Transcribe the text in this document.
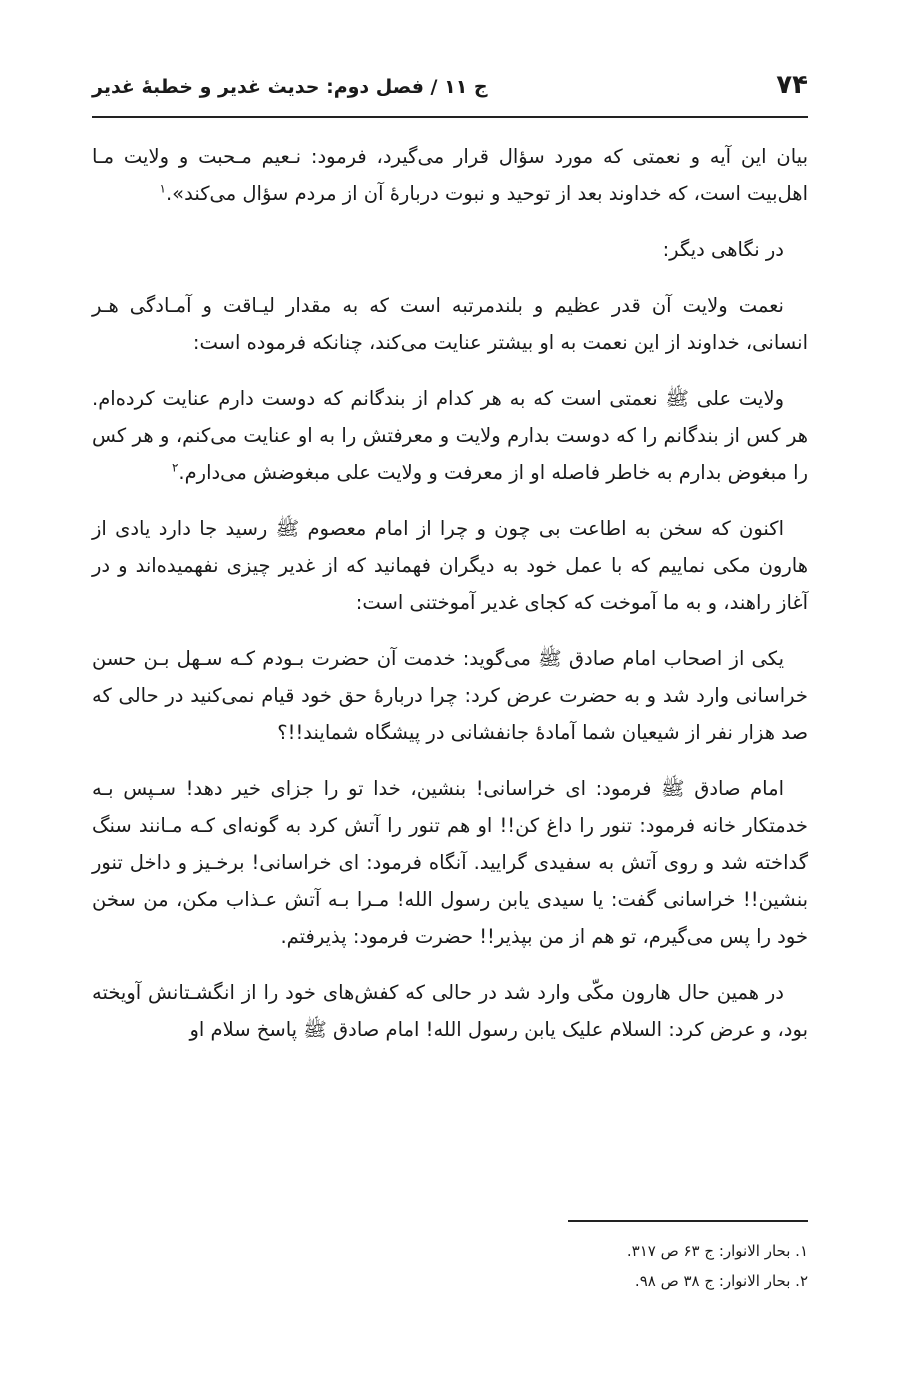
۷۴
ج ۱۱ / فصل دوم: حدیث غدیر و خطبهٔ غدیر

بیان این آیه و نعمتی که مورد سؤال قرار می‌گیرد، فرمود: نـعیم مـحبت و ولایت مـا اهل‌بیت است، که خداوند بعد از توحید و نبوت دربارهٔ آن از مردم سؤال می‌کند».$^۱$

در نگاهی دیگر:

نعمت ولایت آن قدر عظیم و بلندمرتبه است که به مقدار لیـاقت و آمـادگی هـر انسانی، خداوند از این نعمت به او بیشتر عنایت می‌کند، چنانکه فرموده است:

ولایت علی ﷺ نعمتی است که به هر کدام از بندگانم که دوست دارم عنایت کرده‌ام. هر کس از بندگانم را که دوست بدارم ولایت و معرفتش را به او عنایت می‌کنم، و هر کس را مبغوض بدارم به خاطر فاصله او از معرفت و ولایت علی مبغوضش می‌دارم.$^۲$

اکنون که سخن به اطاعت بی چون و چرا از امام معصوم ﷺ رسید جا دارد یادی از هارون مکی نماییم که با عمل خود به دیگران فهمانید که از غدیر چیزی نفهمیده‌اند و در آغاز راهند، و به ما آموخت که کجای غدیر آموختنی است:

یکی از اصحاب امام صادق ﷺ می‌گوید: خدمت آن حضرت بـودم کـه سـهل بـن حسن خراسانی وارد شد و به حضرت عرض کرد: چرا دربارهٔ حق خود قیام نمی‌کنید در حالی که صد هزار نفر از شیعیان شما آمادهٔ جانفشانی در پیشگاه شمایند!!؟

امام صادق ﷺ فرمود: ای خراسانی! بنشین، خدا تو را جزای خیر دهد! سـپس بـه خدمتکار خانه فرمود: تنور را داغ کن!! او هم تنور را آتش کرد به گونه‌ای کـه مـانند سنگ گداخته شد و روی آتش به سفیدی گرایید. آنگاه فرمود: ای خراسانی! برخـیز و داخل تنور بنشین!! خراسانی گفت: یا سیدی یابن رسول الله! مـرا بـه آتش عـذاب مکن، من سخن خود را پس می‌گیرم، تو هم از من بپذیر!! حضرت فرمود: پذیرفتم.

در همین حال هارون مکّی وارد شد در حالی که کفش‌های خود را از انگشـتانش آویخته بود، و عرض کرد: السلام علیک یابن رسول الله! امام صادق ﷺ پاسخ سلام او

۱. بحار الانوار: ج ۶۳ ص ۳۱۷.

۲. بحار الانوار: ج ۳۸ ص ۹۸.
